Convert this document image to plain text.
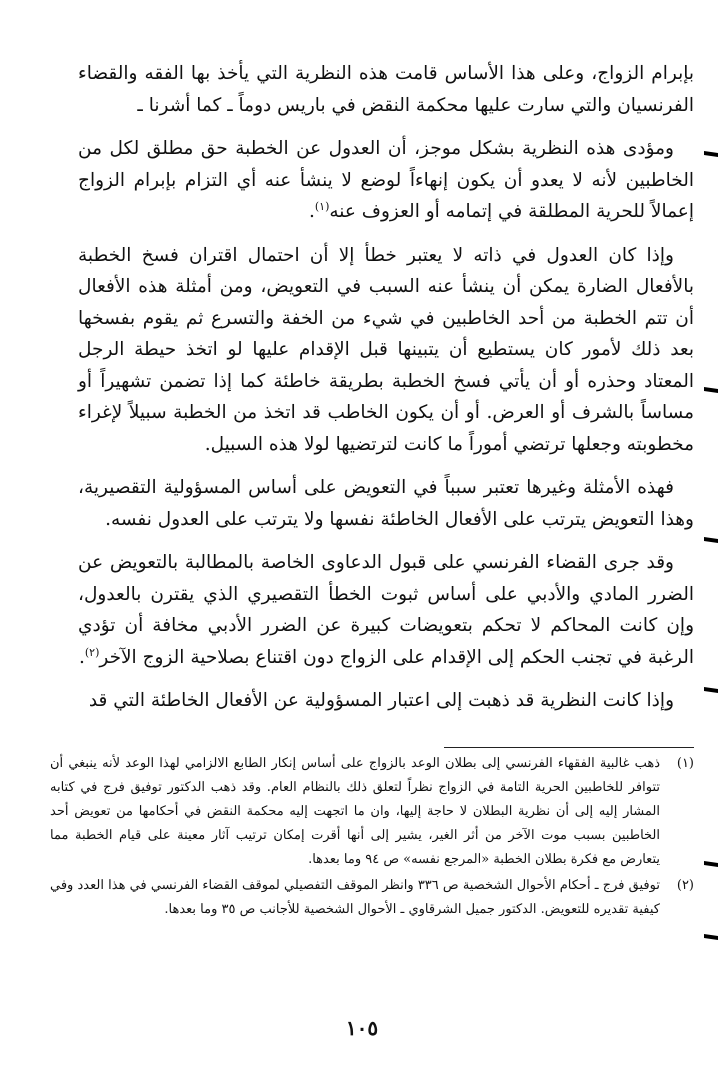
بإبرام الزواج، وعلى هذا الأساس قامت هذه النظرية التي يأخذ بها الفقه والقضاء الفرنسيان والتي سارت عليها محكمة النقض في باريس دوماً ـ كما أشرنا ـ

ومؤدى هذه النظرية بشكل موجز، أن العدول عن الخطبة حق مطلق لكل من الخاطبين لأنه لا يعدو أن يكون إنهاءاً لوضع لا ينشأ عنه أي التزام بإبرام الزواج إعمالاً للحرية المطلقة في إتمامه أو العزوف عنه$^{(١)}$.

وإذا كان العدول في ذاته لا يعتبر خطأ إلا أن احتمال اقتران فسخ الخطبة بالأفعال الضارة يمكن أن ينشأ عنه السبب في التعويض، ومن أمثلة هذه الأفعال أن تتم الخطبة من أحد الخاطبين في شيء من الخفة والتسرع ثم يقوم بفسخها بعد ذلك لأمور كان يستطيع أن يتبينها قبل الإقدام عليها لو اتخذ حيطة الرجل المعتاد وحذره أو أن يأتي فسخ الخطبة بطريقة خاطئة كما إذا تضمن تشهيراً أو مساساً بالشرف أو العرض. أو أن يكون الخاطب قد اتخذ من الخطبة سبيلاً لإغراء مخطوبته وجعلها ترتضي أموراً ما كانت لترتضيها لولا هذه السبيل.

فهذه الأمثلة وغيرها تعتبر سبباً في التعويض على أساس المسؤولية التقصيرية، وهذا التعويض يترتب على الأفعال الخاطئة نفسها ولا يترتب على العدول نفسه.

وقد جرى القضاء الفرنسي على قبول الدعاوى الخاصة بالمطالبة بالتعويض عن الضرر المادي والأدبي على أساس ثبوت الخطأ التقصيري الذي يقترن بالعدول، وإن كانت المحاكم لا تحكم بتعويضات كبيرة عن الضرر الأدبي مخافة أن تؤدي الرغبة في تجنب الحكم إلى الإقدام على الزواج دون اقتناع بصلاحية الزوج الآخر$^{(٢)}$.

وإذا كانت النظرية قد ذهبت إلى اعتبار المسؤولية عن الأفعال الخاطئة التي قد

(١)
ذهب غالبية الفقهاء الفرنسي إلى بطلان الوعد بالزواج على أساس إنكار الطابع الالزامي لهذا الوعد لأنه ينبغي أن تتوافر للخاطبين الحرية التامة في الزواج نظراً لتعلق ذلك بالنظام العام. وقد ذهب الدكتور توفيق فرج في كتابه المشار إليه إلى أن نظرية البطلان لا حاجة إليها، وان ما اتجهت إليه محكمة النقض في أحكامها من تعويض أحد الخاطبين بسبب موت الآخر من أثر الغير، يشير إلى أنها أقرت إمكان ترتيب آثار معينة على قيام الخطبة مما يتعارض مع فكرة بطلان الخطبة «المرجع نفسه» ص ٩٤ وما بعدها.
(٢)
توفيق فرج ـ أحكام الأحوال الشخصية ص ٣٣٦ وانظر الموقف التفصيلي لموقف القضاء الفرنسي في هذا العدد وفي كيفية تقديره للتعويض. الدكتور جميل الشرقاوي ـ الأحوال الشخصية للأجانب ص ٣٥ وما بعدها.
١٠٥
